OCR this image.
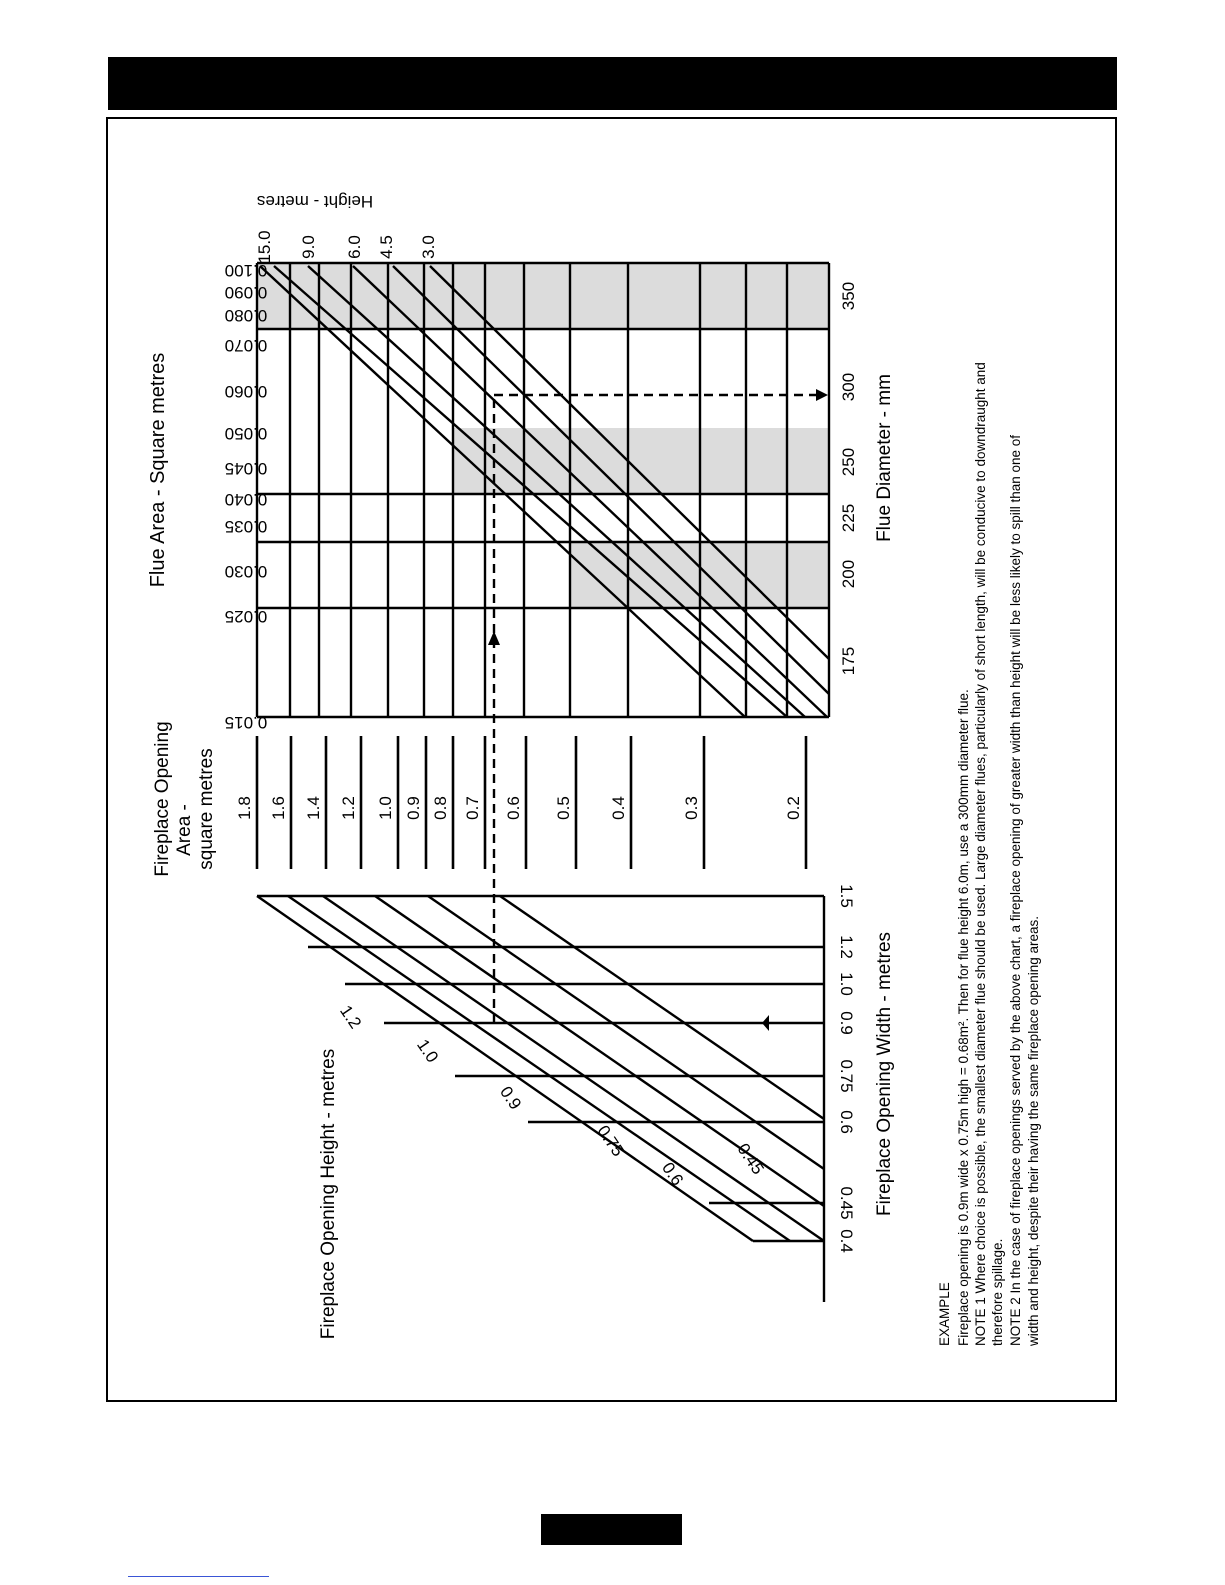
0.015
0.025
0.030
0.035
0.040
0.045
0.050
0.060
0.070
0.080
0.090
0.100
15.0 9.0 6.0 4.5 3.0
Height - metres
175
200
225
250
300
350
Flue Diameter - mm
Flue Area - Square metres
1.8 1.6 1.4 1.2 1.0 0.9 0.8 0.7 0.6 0.5 0.4	0.3	0.2
Fireplace Opening Area - square metres
0.4
0.45
0.6
0.75
0.9
1.0
1.2
1.5
Fireplace Opening Width - metres
1.2
1.0
0.9
0.75
0.6	0.45
Fireplace Opening Height - metres	EXAMPLE Fireplace opening is 0.9m wide x 0.75m high = 0.68m². Then for flue height 6.0m, use a 300mm diameter flue. NOTE 1 Where choice is possible, the smallest diameter flue should be used. Large diameter flues, particularly of short length, will be conducive to downdraught and therefore spillage. NOTE 2 In the case of fireplace openings served by the above chart, a fireplace opening of greater width than height will be less likely to spill than one of width and height, despite their having the same fireplace opening areas.
